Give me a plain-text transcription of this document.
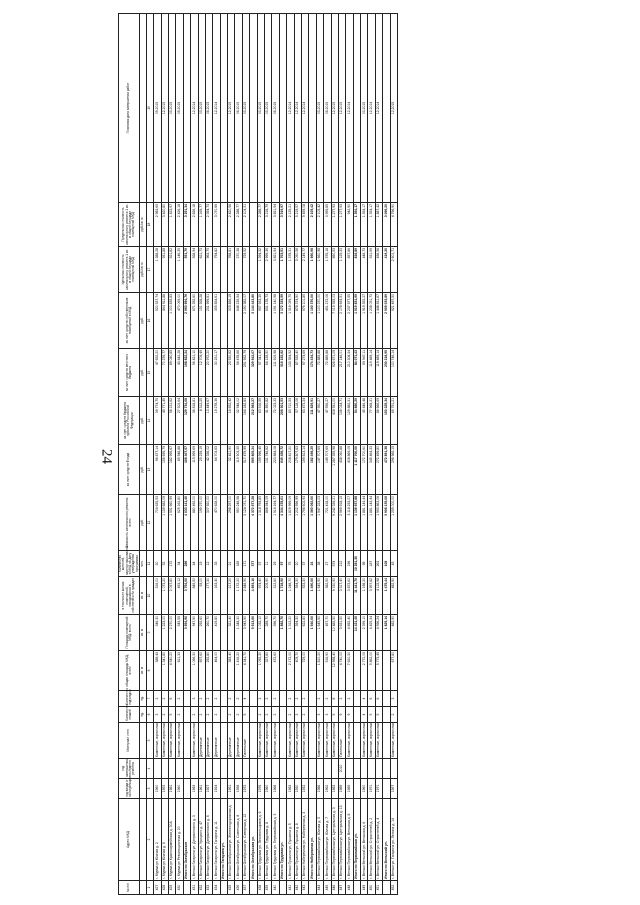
24
№ п/п	Адрес МКД	год ввода в эксплуатацию	год завершения последнего ремонта	Материал стен	Количество этажей	Количество подъездов	общая площадь МКД, всего	Площадь помещений МКД: всего	в том числе жилых помещений, находящихся в собственности граждан	Количество жителей, зарегистрированных в МКД на дату утверждения программы	Стоимость капитального ремонта: всего	за счет средств Фонда	за счет средств бюджета субъекта Российской Федерации	за счет средств местного бюджета	за счет средств собственников помещений в МКД	Удельная стоимость капитального ремонта 1 кв. м общей площади помещений МКД	Предельная стоимость капитального ремонта 1 кв. м общей площади помещений МКД	Плановая дата завершения работ
					ед.	ед.	кв. м	кв. м	кв. м	чел.	руб.	руб.	руб.	руб.	руб.	руб./кв. м	руб./кв. м	
1	2	3	4	5	6	7	8	9	10	11	12	13	14	15	16	17	18	19
427	г. Мурма ул Южная д. 2	1960		Каменные, кирпичные	3	2	388,43	346,30	316,00	30	704 635,53	96 877,14	39 774,75	47 652,20	520 337,74	1 388,28	2 983,65	09.2015
428	г. Мурма ул Южная д. 6	1953		Каменные, кирпичные	2	2	1 341,80	1 223,00	1 073,20	52	1 139 682,09	156 695,79	49 771,45	70 376,77	864 911,88	931,88	3 420,80	12.2015
429	г. Мурма ул Красноармейская д. 30А	1981		Каменные, кирпичные	5	6	4 540,20	2 270,00	2 057,80	172	1 551 660,99	182 995,67	58 131,62	89 080,85	1 000 835,83	521,82	1 423,97	03.2015
430	г. Мурма ул Революционная д. 20	1960		Каменные, кирпичные	2	2	621,33	545,55	453,12	34	625 162,80	85 948,88	27 302,64	43 842,28	470 069,00	1 146,35	2 426,18	09.2015
	Итого по Октябрьское							3 654,90	3 754,00	289	4 033 141,40	408 407,57	129 734,08	198 822,24	2 963 694,76	551,79	3 251,34	
431	г. Вельск Гагарина ул. Дзержинского д. 3	1983		Каменные, кирпичные	2	3	1 066,30	947,90	845,50	44	880 492,00	115 899,69	36 818,81	56 421,10	671 352,60	928,94	2 826,18	12.2014
432	г. Вельск Гагарина ул. Урицкого д. 47	1961		Деревянные	2	2	657,60	292,60	93,00	19	199 270,00	25 239,19	8 312,25	12 709,49	151 928,28	621,73	1 169,77	03.2015
433	г. Вельск Гагарина ул. Дзержинского д. 6	1927		Деревянные	2	2	292,80	260,70	177,30	12	307 920,00	42 336,02	13 449,67	20 972,20	231 999,61	963,75	2 394,73	06.2015
434	г. Вельск Гагарина ул. Гагарина д. 11	1924		Деревянные	2	2	464,00	419,80	163,40	33	470 628,00	64 703,63	19 278,36	30 231,17	355 834,61	794,82	3 070,66	12.2014
	Итого по Гагарина ул.																	
435	г. Вельск Октябрьская ул. Железнодорожная д.	1951		Деревянные	2	2	383,40	321,40	217,20	21	298 257,00	32 421,90	16 652,42	23 530,62	305 826,19	768,81	2 420,56	12.2015
436	г. Вельск Октябрьская ул. Советская д. 8	1958		Деревянные	2	2	1 416,20	1 348,30	1 172,20	185	950 248,58	115 903,35	32 548,02	54 478,66	648 235,54	270,38	2 288,77	06.2015
437	г. Вельск Октябрьская ул. Северная д. 12	1972		Панельные	5	4	4 341,70	3 943,90	2 848,90	171	3 124 071,70	517 479,99	164 182,83	251 932,79	2 190 382,07	729,52	2 104,31	03.2015
	Итого по Октябрьская ул.							5 613,60	4 893,10	377	4 372 577,28	665 805,24	212 983,27	329 942,07	3 144 443,80			
438	г. Вельск Трудовая ул. Лесопильщиков д. 6	1976		Каменные, кирпичные	2	3	1 092,30	1 032,10	974,40	57	1 318 793,85	199 996,45	63 516,55	97 341,45	957 933,35	1 394,32	2 288,77	03.2015
439	г. Вельск Трудовая ул. Трудовая д. 8	1960		Каменные, кирпичные	2	2	327,80	289,70	205,90	11	868 944,09	131 746,62	41 850,82	64 139,50	631 178,73	2 999,36	3 218,79	03.2015
440	г. Вельск Трудовая ул. Первомайская д. 3	1968		Каменные, кирпичные	2	2	472,60	396,70	312,80	29	1 516 164,77	223 884,08	72 023,33	111 915,98	1 091 140,98	3 821,94	3 821,94	06.2015
	Итого по Трудовая ул.							1 882,70	1 718,50	97	4 344 478,01	649 458,72	208 301,53	316 162,62	3 172 333,59	1 703,51	3 519,97	
441	г. Вельск Пушкина ул. Пушкина д. 5	1983		Каменные, кирпичные	2	2	2 172,00	1 313,20	1 248,70	75	1 809 999,09	208 817,20	83 710,53	133 354,52	1 316 059,75	1 378,31	2 135,21	12.2014
442	г. Вельск Пушкина ул. Пушкина д. 8	1930		Каменные, кирпичные	3	2	405,70	394,30	394,30	20	1 202 596,99	179 807,63	57 118,06	87 535,40	878 374,90	3 050,56	5 219,57	12.2014
443	г. Вельск Набережная ул. Набережная д. 3	1932		Каменные, кирпичные	2	2	729,00	622,80	533,30	37	1 756 602,93	199 813,14	63 473,34	97 274,69	976 101,85	2 149,77	9 459,08	12.2014
	Итого по Набережная ул.							1 540,00	1 490,00	24	1 360 062,00	182 498,25	111 829,91	174 434,73	1 100 370,00	1 660,98	2 105,42	
444	г. Вельск Первомайская ул. Южная д. 5	1986		Каменные, кирпичные	3	2	1 810,20	1 645,90	1 645,90	38	1 947 223,03	147 707,69	47 550,27	72 885,88	1 100 370,00	1 660,98	2 105,42	03.2015
445	г. Вельск Первомайская ул. Южная д. 7	1962		Каменные, кирпичные	3	2	516,90	457,70	382,50	27	721 418,00	149 707,69	47 556,27	72 885,88	451 272,06	1 576,18	3 959,85	06.2015
446	г. Вельск Первомайская ул. Центральная д. 3	1983		Каменные, кирпичные	5	8	12 958,40	10 482,50	9 150,90	574	9 242 339,21	1 287 355,98	408 931,00	626 671,09	7 019 393,03	890,53	1 277,93	12.2015
447	г. Вельск Первомайская ул. Центральная д. 13	1989	2010	Панельные	9	2	4 740,00	3 631,50	3 317,40	212	2 969 918,13	438 060,88	136 034,71	217 146,01	2 178 693,51	1 129,33	1 277,93	12.2015
448	г. Вельск Первомайская ул. Вельская д. 8	1985		Каменные, кирпичные	9	2	7 620,30	4 892,40	3 873,60	196	3 118 233,07	408 869,09	129 882,31	210 308,34	2 237 977,55	657,86	942,90	12.2014
	Итого по Первомайская ул.							14 421,40	11 441,70	10 281,30	1 136 637,88	1 117 700,00	54 860,29	84 071,43	1 019 831,69	816,89	1 354,17	
449	г. Вельск Вельский ул. Вельская д. 6	1960		Каменные, кирпичные	4	4	2 772,05	2 399,10	1 198,20	98	1 881 143,44	172 700,60	45 446,48	69 947,11	1 919 353,27	448,73	1 354,17	03.2015
450	г. Вельск Вельский ул. Строителей д. 2	1971		Каменные, кирпичные	5	6	5 862,00	4 425,34	3 957,82	187	1 881 143,44	345 464,33	77 968,31	119 489,14	1 238 051,73	531,99	1 354,17	12.2014
451	г. Вельск Вельский ул. Строителей д. 4	1971		Каменные, кирпичные	5	6	5 773,45	4 596,24	4 115,98	263	1 993 863,06	272 499,80	86 666,69	119 489,14	1 448 831,67	436,96	1 887,42	12.2014
	Итого по Вельский ул.							1 825,14	1 475,44	108	3 908 135,06	472 891,38	150 225,34	230 218,95	2 905 033,89	419,20	3 066,20	
452	г. Вельск ул. Гагарина ул. Ленина д. 14	1957		Каменные, кирпичные	2	3	677,80	482,90	482,90	43	1 255 000,00	296 985,15	65 751,21	100 746,14	921 497,50	2 601,71	4 796,90	12.2015
